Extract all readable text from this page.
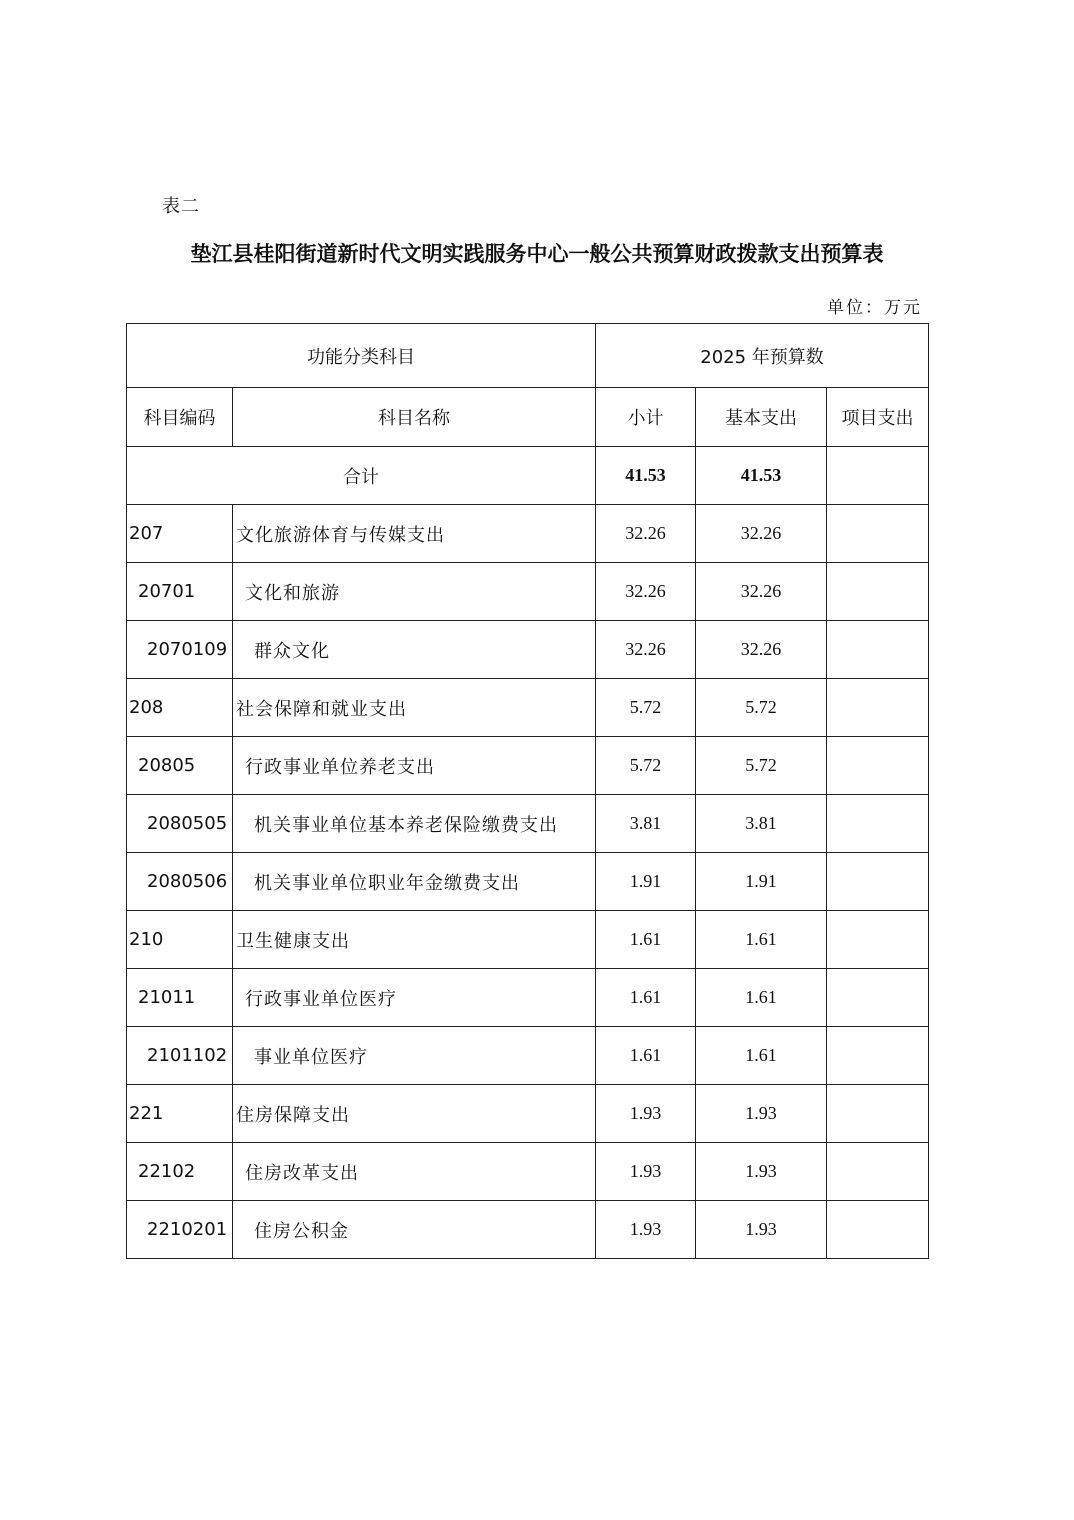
表二
垫江县桂阳街道新时代文明实践服务中心一般公共预算财政拨款支出预算表
单位：万元
功能分类科目		2025 年预算数		
科目编码	科目名称	小计	基本支出	项目支出
合计		41.53	41.53	
207	文化旅游体育与传媒支出	32.26	32.26	
20701	文化和旅游	32.26	32.26	
2070109	群众文化	32.26	32.26	
208	社会保障和就业支出	5.72	5.72	
20805	行政事业单位养老支出	5.72	5.72	
2080505	机关事业单位基本养老保险缴费支出	3.81	3.81	
2080506	机关事业单位职业年金缴费支出	1.91	1.91	
210	卫生健康支出	1.61	1.61	
21011	行政事业单位医疗	1.61	1.61	
2101102	事业单位医疗	1.61	1.61	
221	住房保障支出	1.93	1.93	
22102	住房改革支出	1.93	1.93	
2210201	住房公积金	1.93	1.93	
